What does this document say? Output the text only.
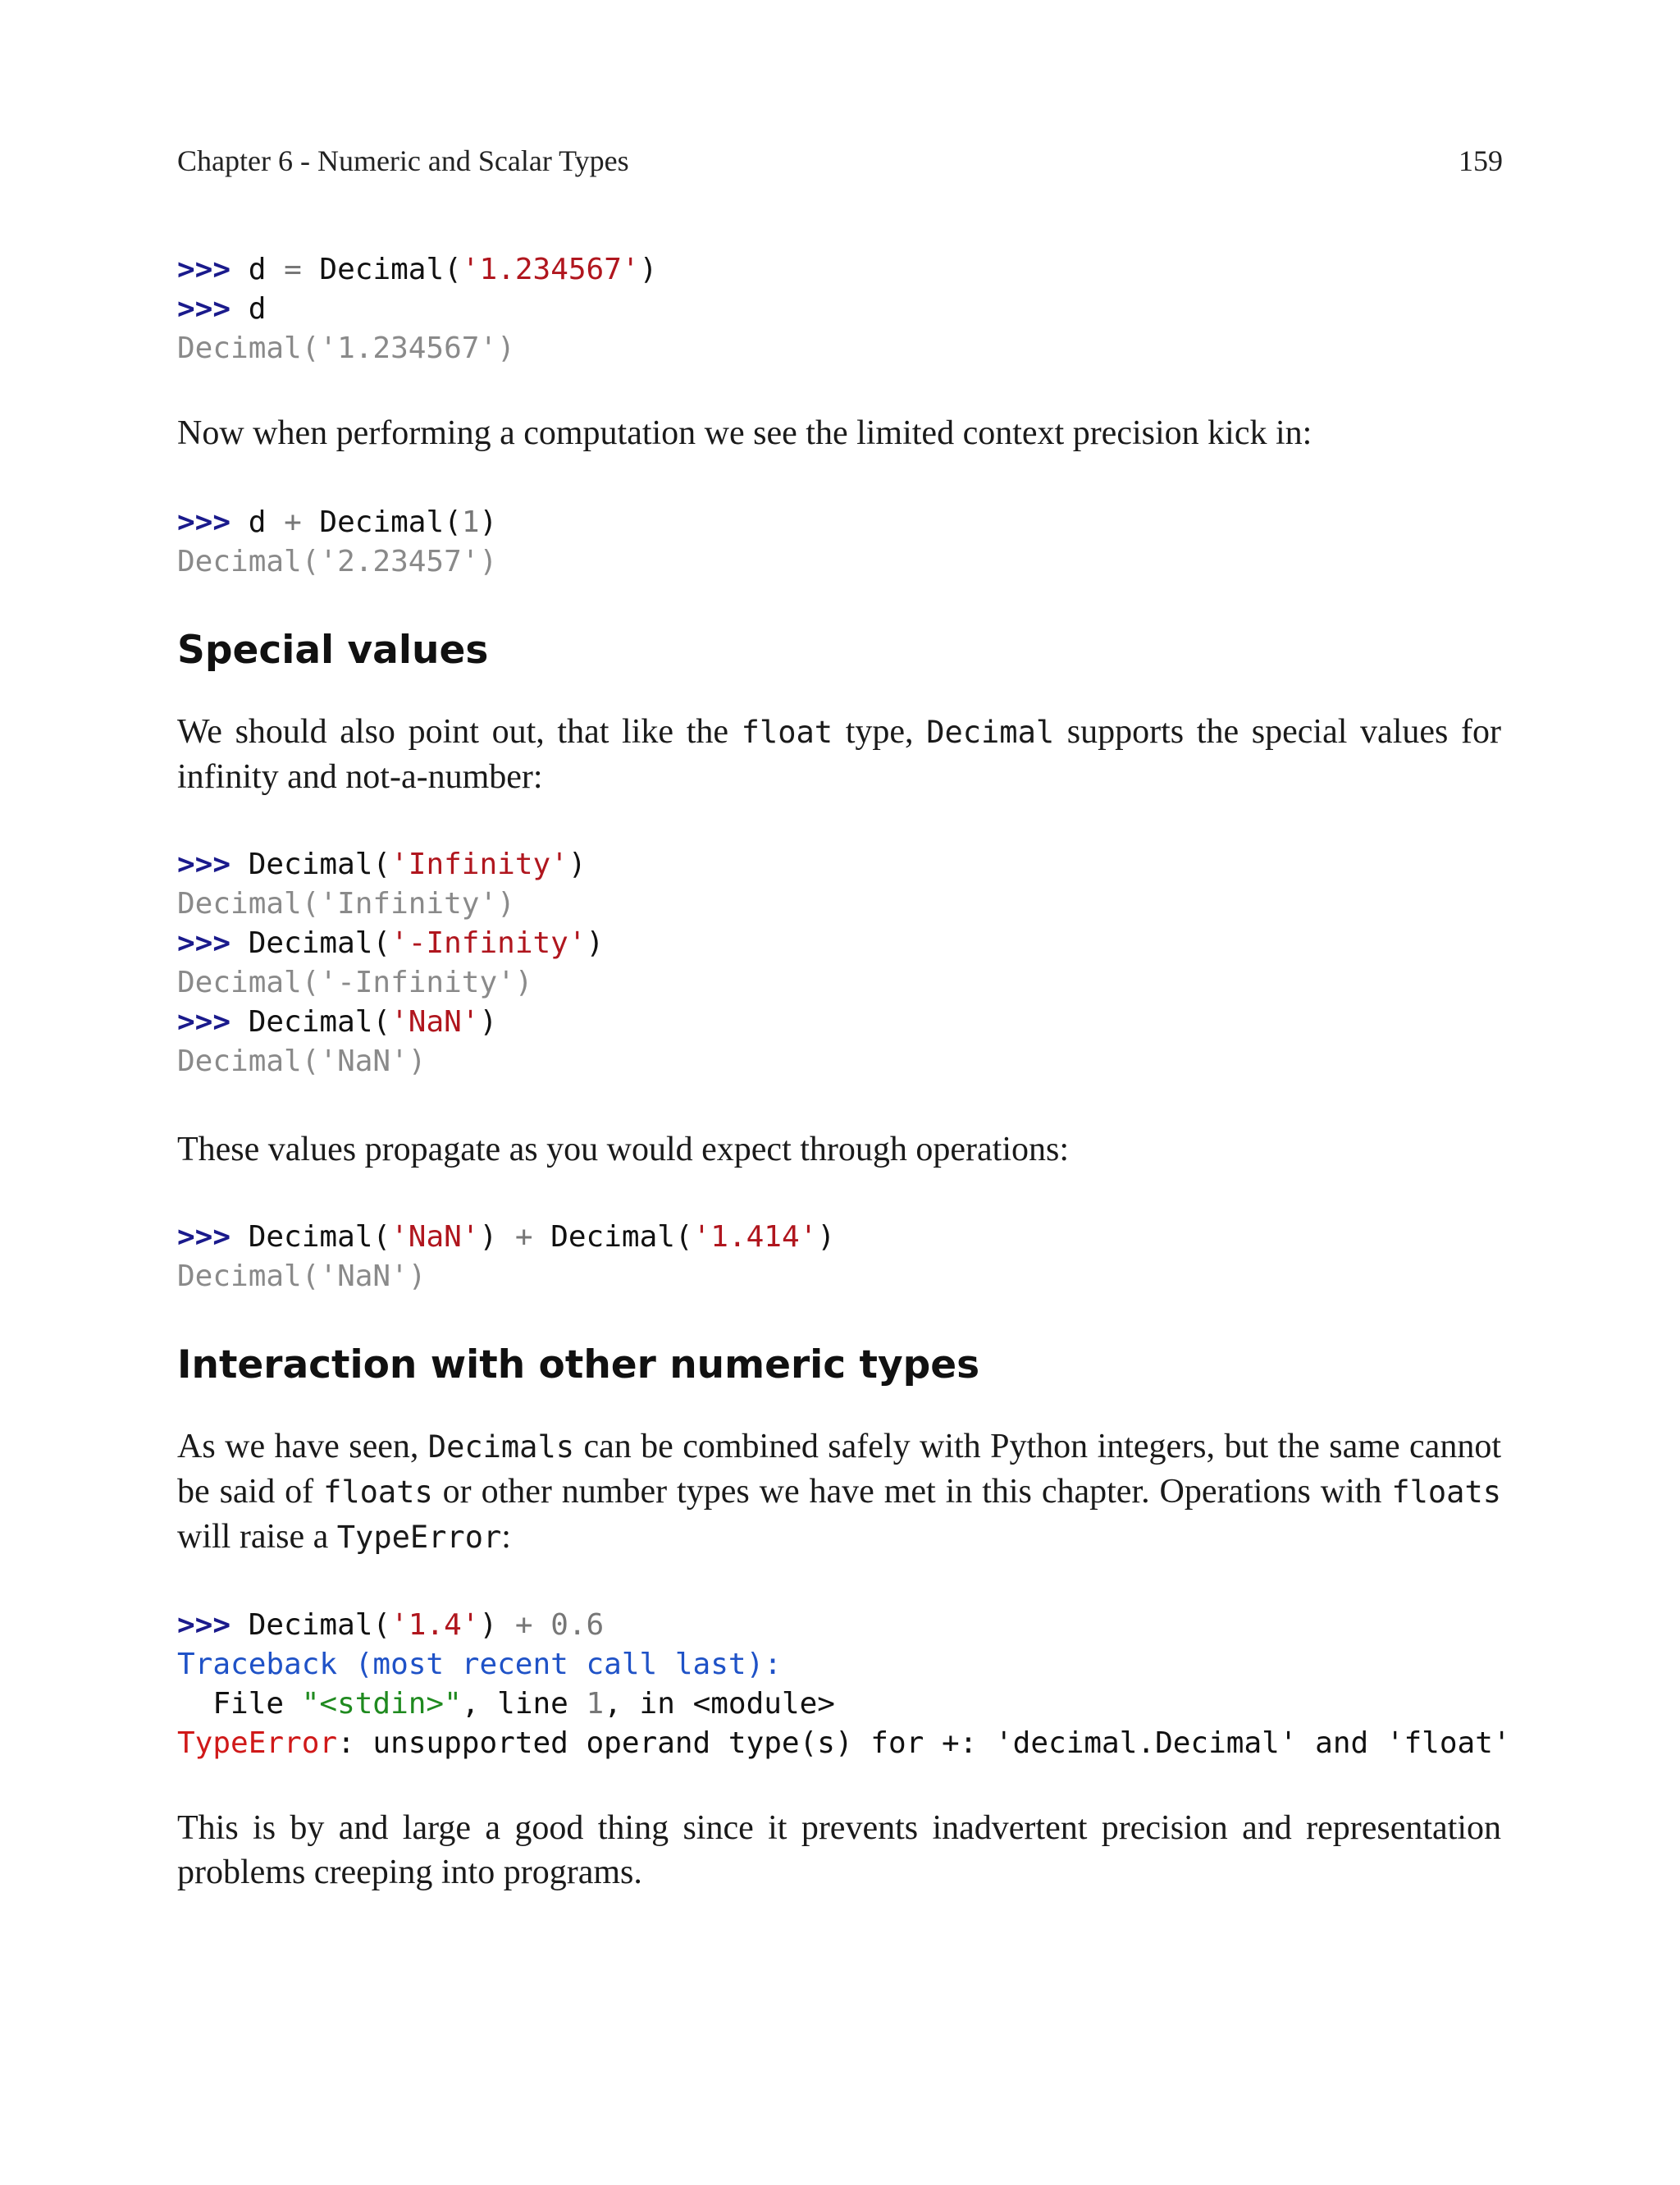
Chapter 6 - Numeric and Scalar Types	159
>>> d = Decimal('1.234567')
>>> d
Decimal('1.234567')

Now when performing a computation we see the limited context precision kick in:

>>> d + Decimal(1)
Decimal('2.23457')
Special values

We should also point out, that like the float type, Decimal supports the special values for infinity and not-a-number:

>>> Decimal('Infinity')
Decimal('Infinity')
>>> Decimal('-Infinity')
Decimal('-Infinity')
>>> Decimal('NaN')
Decimal('NaN')

These values propagate as you would expect through operations:

>>> Decimal('NaN') + Decimal('1.414')
Decimal('NaN')
Interaction with other numeric types

As we have seen, Decimals can be combined safely with Python integers, but the same cannot be said of floats or other number types we have met in this chapter. Operations with floats will raise a TypeError:

>>> Decimal('1.4') + 0.6
Traceback (most recent call last):
File "<stdin>", line 1, in <module>
TypeError: unsupported operand type(s) for +: 'decimal.Decimal' and 'float'

This is by and large a good thing since it prevents inadvertent precision and representation problems creeping into programs.
